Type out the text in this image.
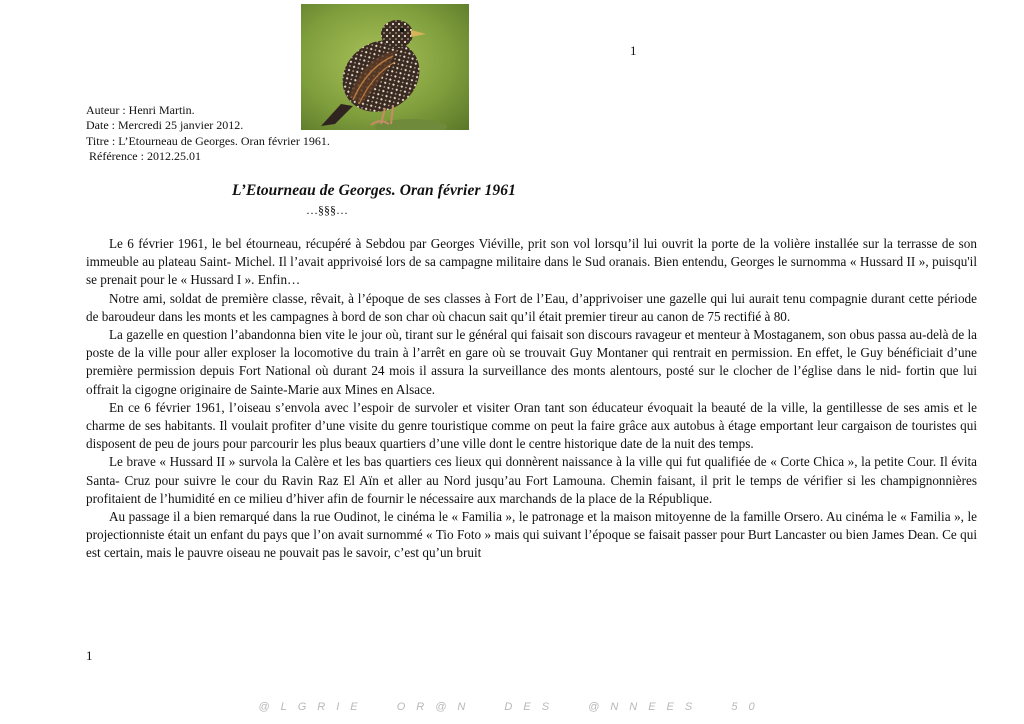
1
Auteur : Henri Martin.
Date : Mercredi 25 janvier 2012.
Titre : L’Etourneau de Georges. Oran février 1961.
Référence : 2012.25.01
L’Etourneau de Georges. Oran février 1961
…§§§…

Le 6 février 1961, le bel étourneau, récupéré à Sebdou par Georges Viéville, prit son vol lorsqu’il lui ouvrit la porte de la volière installée sur la terrasse de son immeuble au plateau Saint- Michel. Il l’avait apprivoisé lors de sa campagne militaire dans le Sud oranais. Bien entendu, Georges le surnomma « Hussard II », puisqu'il se prenait pour le « Hussard I ». Enfin…

Notre ami, soldat de première classe, rêvait, à l’époque de ses classes à Fort de l’Eau, d’apprivoiser une gazelle qui lui aurait tenu compagnie durant cette période de baroudeur dans les monts et les campagnes à bord de son char où chacun sait qu’il était premier tireur au canon de 75 rectifié à 80.

La gazelle en question l’abandonna bien vite le jour où, tirant sur le général qui faisait son discours ravageur et menteur à Mostaganem, son obus passa au-delà de la poste de la ville pour aller exploser la locomotive du train à l’arrêt en gare où se trouvait Guy Montaner qui rentrait en permission. En effet, le Guy bénéficiait d’une première permission depuis Fort National où durant 24 mois il assura la surveillance des monts alentours, posté sur le clocher de l’église dans le nid- fortin que lui offrait la cigogne originaire de Sainte-Marie aux Mines en Alsace.

En ce 6 février 1961, l’oiseau s’envola avec l’espoir de survoler et visiter Oran tant son éducateur évoquait la beauté de la ville, la gentillesse de ses amis et le charme de ses habitants. Il voulait profiter d’une visite du genre touristique comme on peut la faire grâce aux autobus à étage emportant leur cargaison de touristes qui disposent de peu de jours pour parcourir les plus beaux quartiers d’une ville dont le centre historique date de la nuit des temps.

Le brave « Hussard II » survola la Calère et les bas quartiers ces lieux qui donnèrent naissance à la ville qui fut qualifiée de « Corte Chica », la petite Cour. Il évita Santa- Cruz pour suivre le cour du Ravin Raz El Aïn et aller au Nord jusqu’au Fort Lamouna. Chemin faisant, il prit le temps de vérifier si les champignonnières profitaient de l’humidité en ce milieu d’hiver afin de fournir le nécessaire aux marchands de la place de la République.

Au passage il a bien remarqué dans la rue Oudinot, le cinéma le « Familia », le patronage et la maison mitoyenne de la famille Orsero. Au cinéma le « Familia », le projectionniste était un enfant du pays que l’on avait surnommé « Tio Foto » mais qui suivant l’époque se faisait passer pour Burt Lancaster ou bien James Dean. Ce qui est certain, mais le pauvre oiseau ne pouvait pas le savoir, c’est qu’un bruit

1
@LGRIE  OR@N  DES  @NNEES  50
